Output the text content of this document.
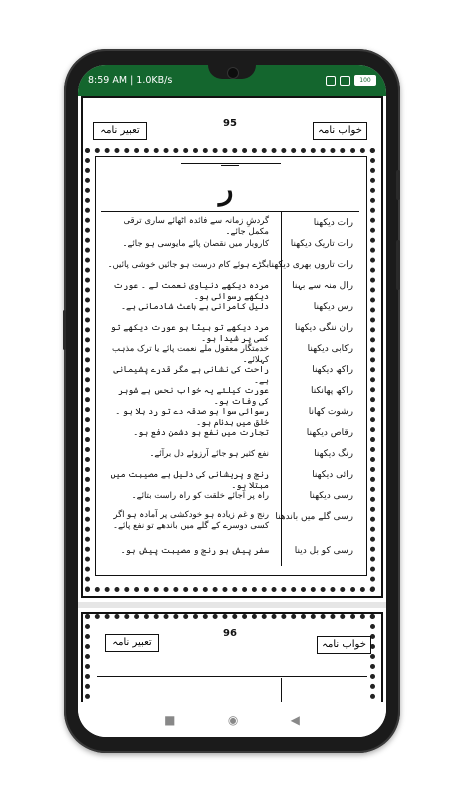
8:59 AM | 1.0KB/s	100
خواب نامہ
95
تعبیر نامہ
ر
رات دیکھنا
گردشِ زمانہ سے فائدہ اٹھائے ساری ترقی مکمل جائے۔
رات تاریک دیکھنا
کاروبار میں نقصان پائے مایوسی ہو جائے۔
رات تاروں بھری دیکھنا
بگڑے ہوئے کام درست ہو جائیں خوشی پائیں۔
رال منہ سے بہنا
مردہ دیکھے دنیاوی نعمت لے ۔ عورت دیکھے رسوائی ہو۔
رس دیکھنا
دلیل کامرانی ہے باعث شادمانی ہے۔
ران ننگی دیکھنا
مرد دیکھے تو بیٹا ہو عورت دیکھے تو کسی پر شیدا ہو۔
رکابی دیکھنا
خدمتگار معقول ملے نعمت پائے یا ترک مذہب کہلائے۔
راکھ دیکھنا
راحت کی نشانی ہے مگر قدرے پشیمانی ہے۔
راکھ پھانکنا
عورت کیلئے یہ خواب نحس ہے شوہر کی وفات ہو۔
رشوت کھانا
رسوائی سوا ہو صدقہ دے تو رد بلا ہو ۔ خلق میں بدنام ہو۔
رقاص دیکھنا
تجارت میں نفع ہو دشمن دفع ہو۔
رنگ دیکھنا
نفع کثیر ہو جائے آرزوئے دل برآئے۔
رائی دیکھنا
رنج و پریشانی کی دلیل ہے مصیبت میں مبتلا ہو۔
رسی دیکھنا
راہ پر آجائے خلقت کو راہ راست بتائے۔
رسی گلے میں باندھنا
رنج و غم زیادہ ہو خودکشی پر آمادہ ہو اگر کسی دوسرے کے گلے میں باندھے تو نفع پائے۔
رسی کو بل دینا
سفر پیش ہو رنج و مصیبت پیش ہو۔
تعبیر نامہ
96
خواب نامہ
■	◉	◀
